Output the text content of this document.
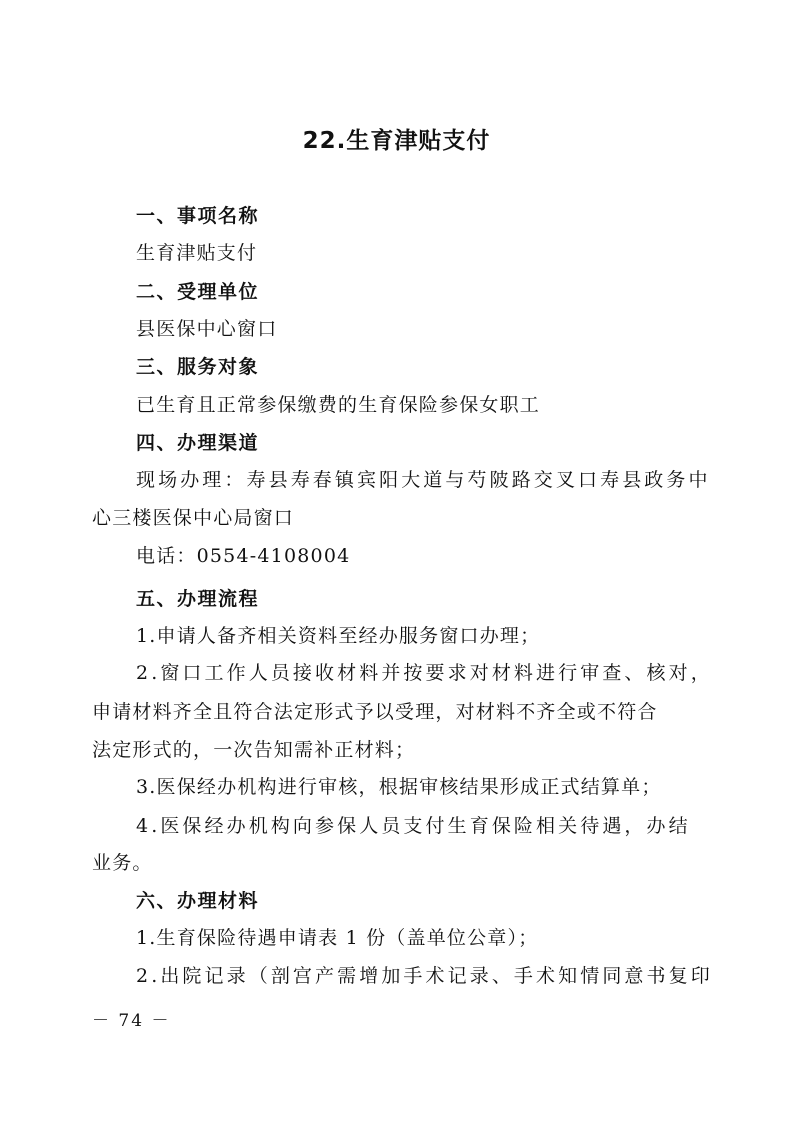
22.生育津贴支付
一、事项名称
生育津贴支付
二、受理单位
县医保中心窗口
三、服务对象
已生育且正常参保缴费的生育保险参保女职工
四、办理渠道
现场办理：寿县寿春镇宾阳大道与芍陂路交叉口寿县政务中
心三楼医保中心局窗口
电话：0554-4108004
五、办理流程
1.申请人备齐相关资料至经办服务窗口办理；
2.窗口工作人员接收材料并按要求对材料进行审查、核对，
申请材料齐全且符合法定形式予以受理，对材料不齐全或不符合
法定形式的，一次告知需补正材料；
3.医保经办机构进行审核，根据审核结果形成正式结算单；
4.医保经办机构向参保人员支付生育保险相关待遇，办结
业务。
六、办理材料
1.生育保险待遇申请表 1 份（盖单位公章）；
2.出院记录（剖宫产需增加手术记录、手术知情同意书复印
－ 74 －
